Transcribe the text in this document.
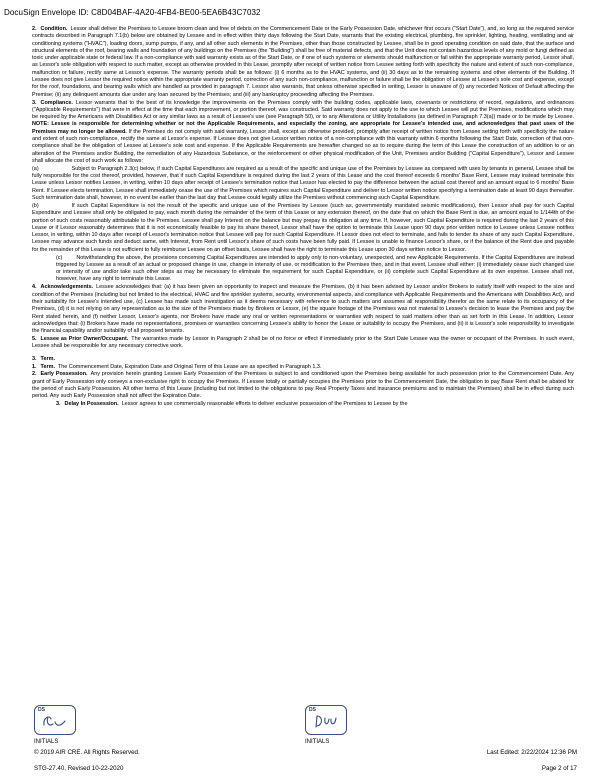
DocuSign Envelope ID: C8D04BAF-4A20-4FB4-BE00-5EA6B43C7032

2. Condition. Lessor shall deliver the Premises to Lessee broom clean and free of debris on the Commencement Date or the Early Possession Date, whichever first occurs ("Start Date"), and, so long as the required service contracts described in Paragraph 7.1(b) below are obtained by Lessee and in effect within thirty days following the Start Date, warrants that the existing electrical, plumbing, fire sprinkler, lighting, heating, ventilating and air conditioning systems ("HVAC"), loading doors, sump pumps, if any, and all other such elements in the Premises, other than those constructed by Lessee, shall be in good operating condition on said date, that the surface and structural elements of the roof, bearing walls and foundation of any buildings on the Premises (the "Building") shall be free of material defects, and that the Unit does not contain hazardous levels of any mold or fungi defined as toxic under applicable state or federal law. If a non-compliance with said warranty exists as of the Start Date, or if one of such systems or elements should malfunction or fail within the appropriate warranty period, Lessor shall, as Lessor's sole obligation with respect to such matter, except as otherwise provided in this Lease, promptly after receipt of written notice from Lessee setting forth with specificity the nature and extent of such non-compliance, malfunction or failure, rectify same at Lessor's expense. The warranty periods shall be as follows: (i) 6 months as to the HVAC systems, and (ii) 30 days as to the remaining systems and other elements of the Building. If Lessee does not give Lessor the required notice within the appropriate warranty period, correction of any such non-compliance, malfunction or failure shall be the obligation of Lessee at Lessee's sole cost and expense, except for the roof, foundations, and bearing walls which are handled as provided in paragraph 7. Lessor also warrants, that unless otherwise specified in writing, Lessor is unaware of (i) any recorded Notices of Default affecting the Premise; (ii) any delinquent amounts due under any loan secured by the Premises; and (iii) any bankruptcy proceeding affecting the Premises.

3. Compliance. Lessor warrants that to the best of its knowledge the improvements on the Premises comply with the building codes, applicable laws, covenants or restrictions of record, regulations, and ordinances ("Applicable Requirements") that were in effect at the time that each improvement, or portion thereof, was constructed. Said warranty does not apply to the use to which Lessee will put the Premises, modifications which may be required by the Americans with Disabilities Act or any similar laws as a result of Lessee's use (see Paragraph 50), or to any Alterations or Utility Installations (as defined in Paragraph 7.3(a)) made or to be made by Lessee. NOTE: Lessee is responsible for determining whether or not the Applicable Requirements, and especially the zoning, are appropriate for Lessee's intended use, and acknowledges that past uses of the Premises may no longer be allowed. If the Premises do not comply with said warranty, Lessor shall, except as otherwise provided, promptly after receipt of written notice from Lessee setting forth with specificity the nature and extent of such non-compliance, rectify the same at Lessor's expense. If Lessee does not give Lessor written notice of a non-compliance with this warranty within 6 months following the Start Date, correction of that non-compliance shall be the obligation of Lessee at Lessee's sole cost and expense. If the Applicable Requirements are hereafter changed so as to require during the term of this Lease the construction of an addition to or an alteration of the Premises and/or Building, the remediation of any Hazardous Substance, or the reinforcement or other physical modification of the Unit, Premises and/or Building ("Capital Expenditure"), Lessor and Lessee shall allocate the cost of such work as follows:

(a)	Subject to Paragraph 2.3(c) below, if such Capital Expenditures are required as a result of the specific and unique use of the Premises by Lessee as compared with uses by tenants in general, Lessee shall be fully responsible for the cost thereof, provided, however, that if such Capital Expenditure is required during the last 2 years of this Lease and the cost thereof exceeds 6 months' Base Rent, Lessee may instead terminate this Lease unless Lessor notifies Lessee, in writing, within 10 days after receipt of Lessee's termination notice that Lessor has elected to pay the difference between the actual cost thereof and an amount equal to 6 months' Base Rent. If Lessee elects termination, Lessee shall immediately cease the use of the Premises which requires such Capital Expenditure and deliver to Lessor written notice specifying a termination date at least 90 days thereafter. Such termination date shall, however, in no event be earlier than the last day that Lessee could legally utilize the Premises without commencing such Capital Expenditure.

(b)	If such Capital Expenditure is not the result of the specific and unique use of the Premises by Lessee (such as, governmentally mandated seismic modifications), then Lessor shall pay for such Capital Expenditure and Lessee shall only be obligated to pay, each month during the remainder of the term of this Lease or any extension thereof, on the date that on which the Base Rent is due, an amount equal to 1/144th of the portion of such costs reasonably attributable to the Premises. Lessee shall pay Interest on the balance but may prepay its obligation at any time. If, however, such Capital Expenditure is required during the last 2 years of this Lease or if Lessor reasonably determines that it is not economically feasible to pay its share thereof, Lessor shall have the option to terminate this Lease upon 90 days prior written notice to Lessee unless Lessee notifies Lessor, in writing, within 10 days after receipt of Lessor's termination notice that Lessee will pay for such Capital Expenditure. If Lessor does not elect to terminate, and fails to tender its share of any such Capital Expenditure, Lessee may advance such funds and deduct same, with Interest, from Rent until Lessor's share of such costs have been fully paid. If Lessee is unable to finance Lessor's share, or if the balance of the Rent due and payable for the remainder of this Lease is not sufficient to fully reimburse Lessee on an offset basis, Lessee shall have the right to terminate this Lease upon 30 days written notice to Lessor.

(c)	Notwithstanding the above, the provisions concerning Capital Expenditures are intended to apply only to non-voluntary, unexpected, and new Applicable Requirements. If the Capital Expenditures are instead triggered by Lessee as a result of an actual or proposed change in use, change in intensity of use, or modification to the Premises then, and in that event, Lessee shall either: (i) immediately cease such changed use or intensity of use and/or take such other steps as may be necessary to eliminate the requirement for such Capital Expenditure, or (ii) complete such Capital Expenditure at its own expense. Lessee shall not, however, have any right to terminate this Lease.

4. Acknowledgements. Lessee acknowledges that: (a) it has been given an opportunity to inspect and measure the Premises, (b) it has been advised by Lessor and/or Brokers to satisfy itself with respect to the size and condition of the Premises (including but not limited to the electrical, HVAC and fire sprinkler systems, security, environmental aspects, and compliance with Applicable Requirements and the Americans with Disabilities Act), and their suitability for Lessee's intended use, (c) Lessee has made such investigation as it deems necessary with reference to such matters and assumes all responsibility therefor as the same relate to its occupancy of the Premises, (d) it is not relying on any representation as to the size of the Premises made by Brokers or Lessor, (e) the square footage of the Premises was not material to Lessee's decision to lease the Premises and pay the Rent stated herein, and (f) neither Lessor, Lessor's agents, nor Brokers have made any oral or written representations or warranties with respect to said matters other than as set forth in this Lease. In addition, Lessor acknowledges that: (i) Brokers have made no representations, promises or warranties concerning Lessee's ability to honor the Lease or suitability to occupy the Premises, and (ii) it is Lessor's sole responsibility to investigate the financial capability and/or suitability of all proposed tenants.

5. Lessee as Prior Owner/Occupant. The warranties made by Lessor in Paragraph 2 shall be of no force or effect if immediately prior to the Start Date Lessee was the owner or occupant of the Premises. In such event, Lessee shall be responsible for any necessary corrective work.

3. Term.

1. Term. The Commencement Date, Expiration Date and Original Term of this Lease are as specified in Paragraph 1.3.

2. Early Possession. Any provision herein granting Lessee Early Possession of the Premises is subject to and conditioned upon the Premises being available for such possession prior to the Commencement Date. Any grant of Early Possession only conveys a non-exclusive right to occupy the Premises. If Lessee totally or partially occupies the Premises prior to the Commencement Date, the obligation to pay Base Rent shall be abated for the period of such Early Possession. All other terms of this Lease (including but not limited to the obligations to pay Real Property Taxes and insurance premiums and to maintain the Premises) shall be in effect during such period. Any such Early Possession shall not affect the Expiration Date.

3. Delay In Possession. Lessor agrees to use commercially reasonable efforts to deliver exclusive possession of the Premises to Lessee by the

DS
INITIALS
DS
INITIALS
© 2019 AIR CRE. All Rights Reserved.
STG-27.40, Revised 10-22-2020
Last Edited: 2/22/2024 12:36 PM
Page 2 of 17
